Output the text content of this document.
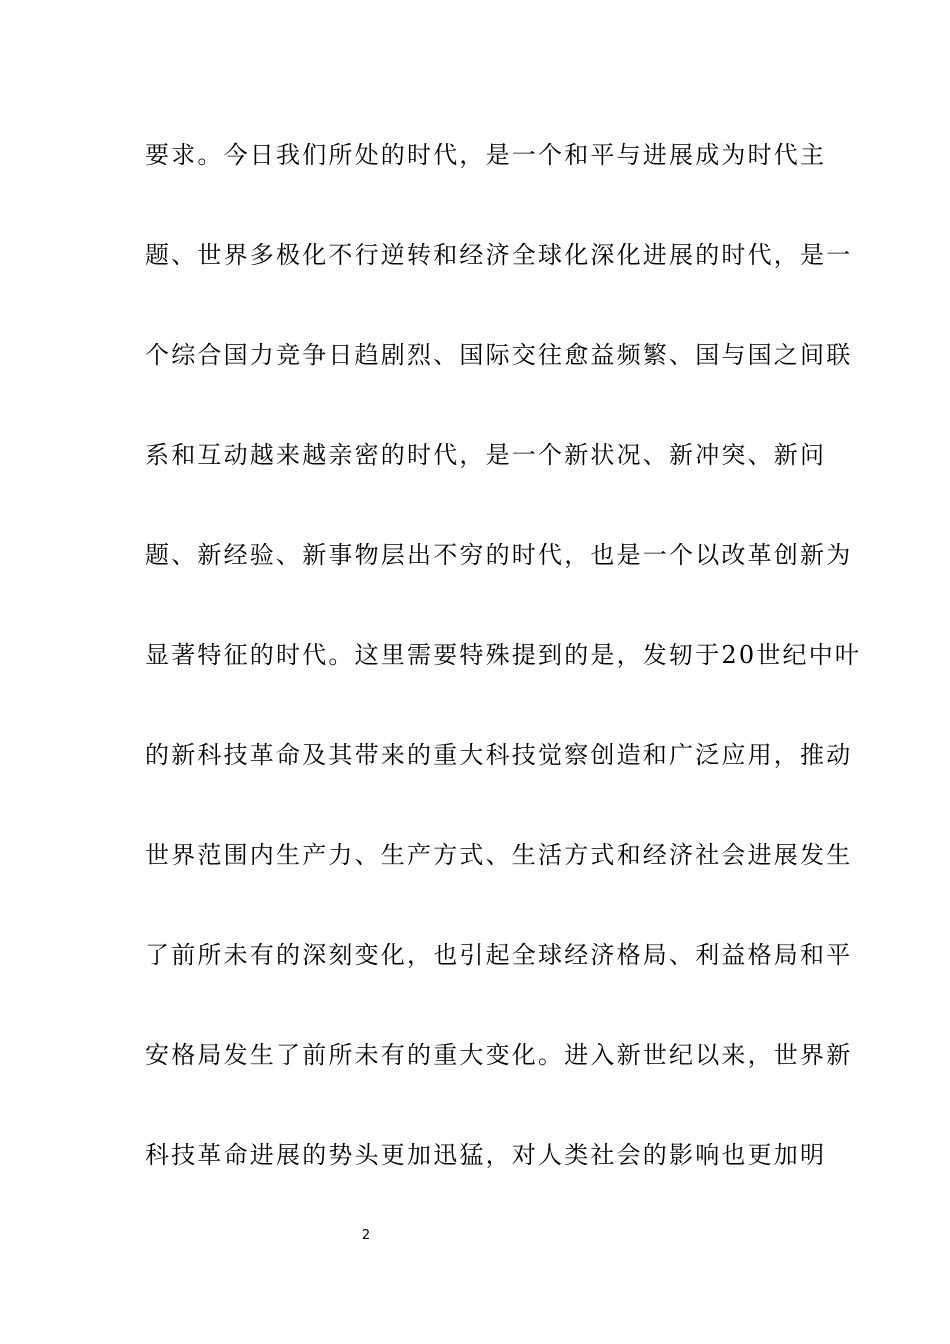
要求。今日我们所处的时代，是一个和平与进展成为时代主
题、世界多极化不行逆转和经济全球化深化进展的时代，是一
个综合国力竞争日趋剧烈、国际交往愈益频繁、国与国之间联
系和互动越来越亲密的时代，是一个新状况、新冲突、新问
题、新经验、新事物层出不穷的时代，也是一个以改革创新为
显著特征的时代。这里需要特殊提到的是，发轫于20世纪中叶
的新科技革命及其带来的重大科技觉察创造和广泛应用，推动
世界范围内生产力、生产方式、生活方式和经济社会进展发生
了前所未有的深刻变化，也引起全球经济格局、利益格局和平
安格局发生了前所未有的重大变化。进入新世纪以来，世界新
科技革命进展的势头更加迅猛，对人类社会的影响也更加明
2
